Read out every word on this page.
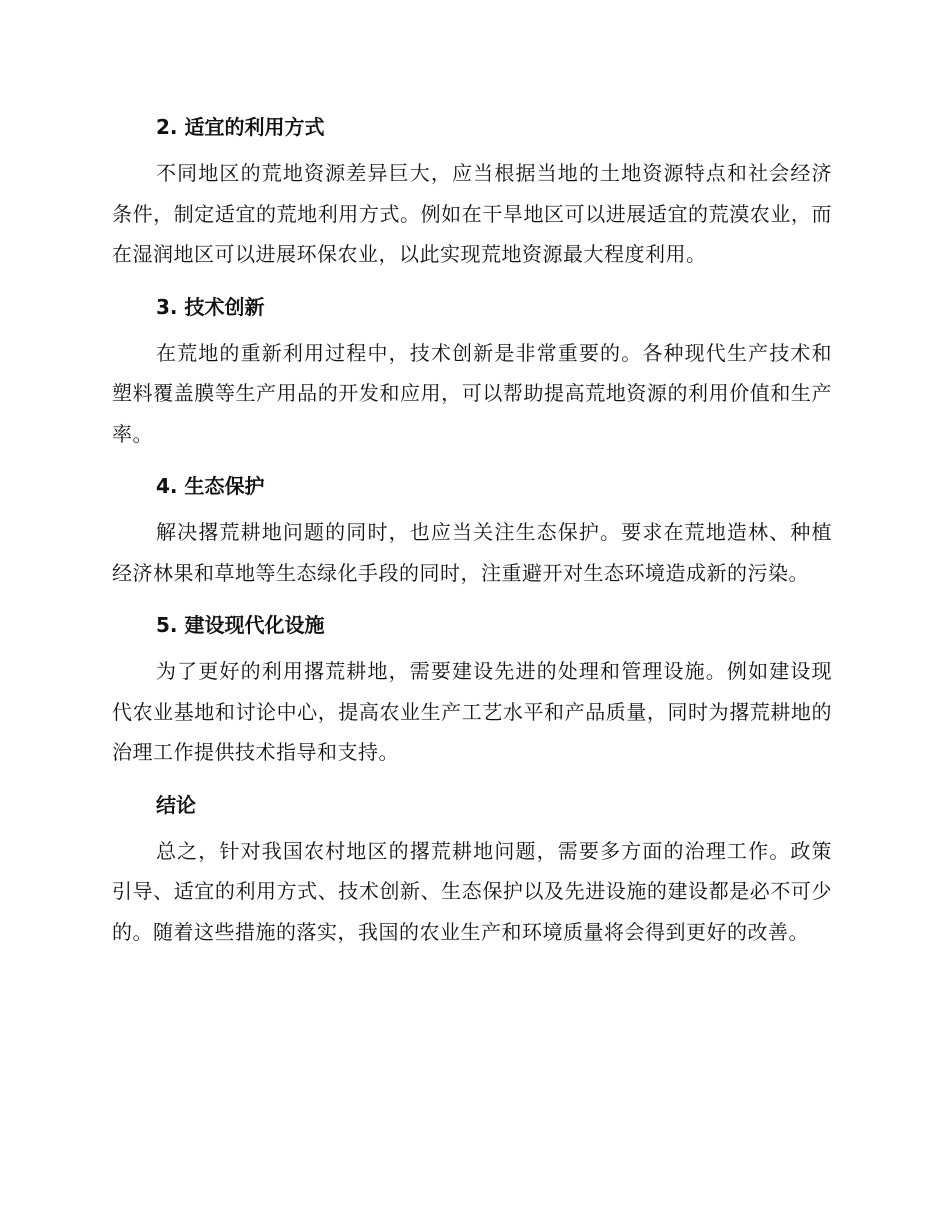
2. 适宜的利用方式

不同地区的荒地资源差异巨大，应当根据当地的土地资源特点和社会经济条件，制定适宜的荒地利用方式。例如在干旱地区可以进展适宜的荒漠农业，而在湿润地区可以进展环保农业，以此实现荒地资源最大程度利用。

3. 技术创新

在荒地的重新利用过程中，技术创新是非常重要的。各种现代生产技术和塑料覆盖膜等生产用品的开发和应用，可以帮助提高荒地资源的利用价值和生产率。

4. 生态保护

解决撂荒耕地问题的同时，也应当关注生态保护。要求在荒地造林、种植经济林果和草地等生态绿化手段的同时，注重避开对生态环境造成新的污染。

5. 建设现代化设施

为了更好的利用撂荒耕地，需要建设先进的处理和管理设施。例如建设现代农业基地和讨论中心，提高农业生产工艺水平和产品质量，同时为撂荒耕地的治理工作提供技术指导和支持。

结论

总之，针对我国农村地区的撂荒耕地问题，需要多方面的治理工作。政策引导、适宜的利用方式、技术创新、生态保护以及先进设施的建设都是必不可少的。随着这些措施的落实，我国的农业生产和环境质量将会得到更好的改善。
